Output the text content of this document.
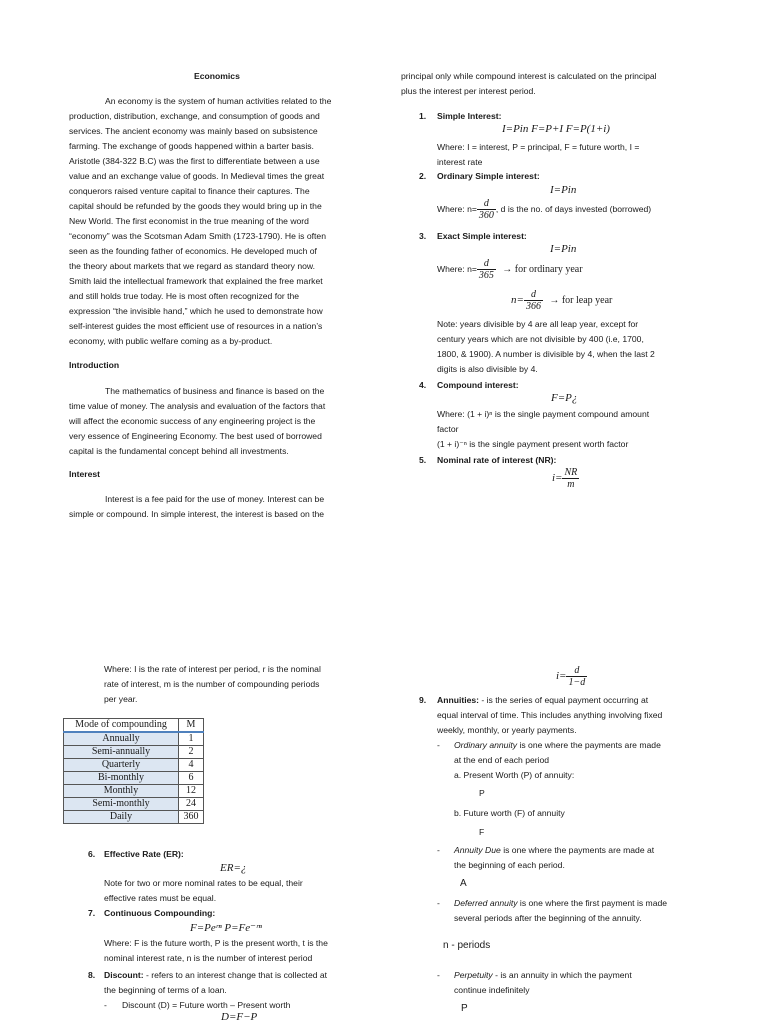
Economics
An economy is the system of human activities related to the
production, distribution, exchange, and consumption of goods and
services. The ancient economy was mainly based on subsistence
farming. The exchange of goods happened within a barter basis.
Aristotle (384-322 B.C) was the first to differentiate between a use
value and an exchange value of goods. In Medieval times the great
conquerors raised venture capital to finance their captures. The
capital should be refunded by the goods they would bring up in the
New World. The first economist in the true meaning of the word
“economy” was the Scotsman Adam Smith (1723-1790). He is often
seen as the founding father of economics. He developed much of
the theory about markets that we regard as standard theory now.
Smith laid the intellectual framework that explained the free market
and still holds true today. He is most often recognized for the
expression “the invisible hand,” which he used to demonstrate how
self-interest guides the most efficient use of resources in a nation’s
economy, with public welfare coming as a by-product.
Introduction
The mathematics of business and finance is based on the
time value of money. The analysis and evaluation of the factors that
will affect the economic success of any engineering project is the
very essence of Engineering Economy. The best used of borrowed
capital is the fundamental concept behind all investments.
Interest
Interest is a fee paid for the use of money. Interest can be
simple or compound. In simple interest, the interest is based on the
principal only while compound interest is calculated on the principal
plus the interest per interest period.
1. Simple Interest:
I=Pin F=P+I F=P(1+i)
Where: I = interest, P = principal, F = future worth, I =
interest rate
2. Ordinary Simple interest:
I=Pin
Where: $n= \frac{d}{360}$ , d is the no. of days invested (borrowed)
3. Exact Simple interest:
I=Pin
Where: $n= \frac{d}{365}$ → for ordinary year
$n= \frac{d}{366}$ → for leap year
Note: years divisible by 4 are all leap year, except for
century years which are not divisible by 400 (i.e, 1700,
1800, & 1900). A number is divisible by 4, when the last 2
digits is also divisible by 4.
4. Compound interest:
F=P¿
Where: (1 + i)ⁿ is the single payment compound amount
factor
(1 + i)⁻ⁿ is the single payment present worth factor
5. Nominal rate of interest (NR):
$i= \frac{NR}{m}$
Where: I is the rate of interest per period, r is the nominal
rate of interest, m is the number of compounding periods
per year.
Mode of compounding	M
Annually	1
Semi-annually	2
Quarterly	4
Bi-monthly	6
Monthly	12
Semi-monthly	24
Daily	360
6. Effective Rate (ER):
ER=¿
Note for two or more nominal rates to be equal, their
effective rates must be equal.
7. Continuous Compounding:
F=Peʳⁿ P=Fe⁻ʳⁿ
Where: F is the future worth, P is the present worth, t is the
nominal interest rate, n is the number of interest period
8. Discount: - refers to an interest change that is collected at
the beginning of terms of a loan.
- Discount (D) = Future worth – Present worth
D=F−P
$i= \frac{d}{1-d}$
9. Annuities: - is the series of equal payment occurring at
equal interval of time. This includes anything involving fixed
weekly, monthly, or yearly payments.
- Ordinary annuity is one where the payments are made
at the end of each period
a. Present Worth (P) of annuity:
P
b. Future worth (F) of annuity
F
- Annuity Due is one where the payments are made at
the beginning of each period.
A
- Deferred annuity is one where the first payment is made
several periods after the beginning of the annuity.
n - periods
- Perpetuity - is an annuity in which the payment
continue indefinitely
P
